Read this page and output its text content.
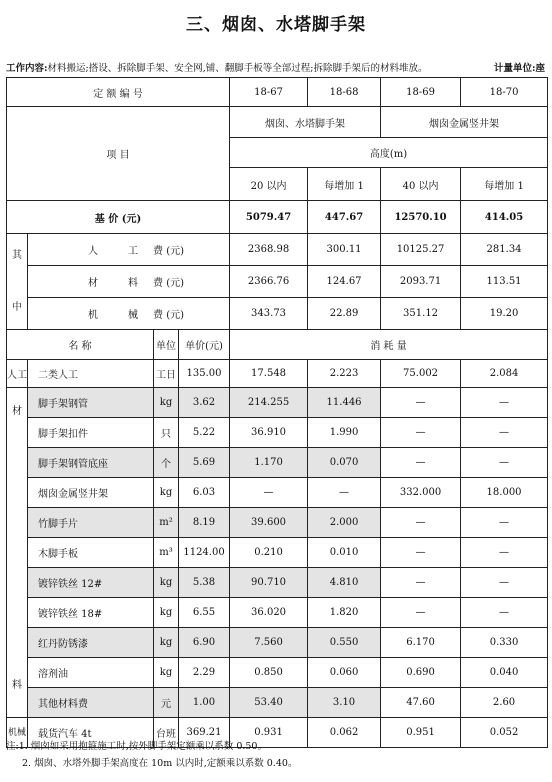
三、烟囱、水塔脚手架
工作内容:材料搬运;搭设、拆除脚手架、安全网,铺、翻脚手板等全部过程;拆除脚手架后的材料堆放。	计量单位:座
定 额 编 号				18-67	18-68	18-69	18-70
项 目				烟囱、水塔脚手架		烟囱金属竖井架	
				高度(m)			
				20 以内	每增加 1	40 以内	每增加 1
基 价 (元)				5079.47	447.67	12570.10	414.05
其

中	人 工 费 (元)			2368.98	300.11	10125.27	281.34
	材 料 费 (元)			2366.76	124.67	2093.71	113.51
	机 械 费 (元)			343.73	22.89	351.12	19.20
名 称		单位	单价(元)	消 耗 量			
人工	二类人工	工日	135.00	17.548	2.223	75.002	2.084

材
料	脚手架钢管	kg	3.62	214.255	11.446	—	—
	脚手架扣件	只	5.22	36.910	1.990	—	—
	脚手架钢管底座	个	5.69	1.170	0.070	—	—
	烟囱金属竖井架	kg	6.03	—	—	332.000	18.000
	竹脚手片	m²	8.19	39.600	2.000	—	—
	木脚手板	m³	1124.00	0.210	0.010	—	—
	镀锌铁丝 12#	kg	5.38	90.710	4.810	—	—
	镀锌铁丝 18#	kg	6.55	36.020	1.820	—	—
	红丹防锈漆	kg	6.90	7.560	0.550	6.170	0.330
	溶剂油	kg	2.29	0.850	0.060	0.690	0.040
	其他材料费	元	1.00	53.40	3.10	47.60	2.60
机械	载货汽车 4t	台班	369.21	0.931	0.062	0.951	0.052
注:1. 烟囱如采用抱箍施工时,按外脚手架定额乘以系数 0.50。
2. 烟囱、水塔外脚手架高度在 10m 以内时,定额乘以系数 0.40。
